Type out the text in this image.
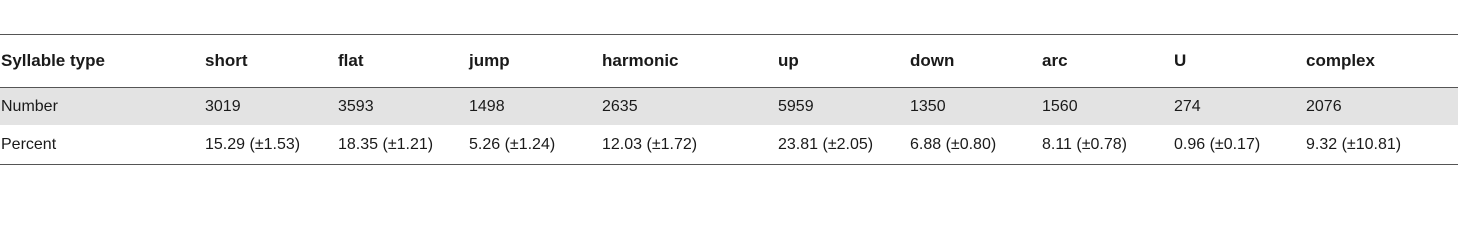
Syllable type	short	flat	jump	harmonic	up	down	arc	U	complex
Number	3019	3593	1498	2635	5959	1350	1560	274	2076
Percent	15.29 (±1.53)	18.35 (±1.21)	5.26 (±1.24)	12.03 (±1.72)	23.81 (±2.05)	6.88 (±0.80)	8.11 (±0.78)	0.96 (±0.17)	9.32 (±10.81)
